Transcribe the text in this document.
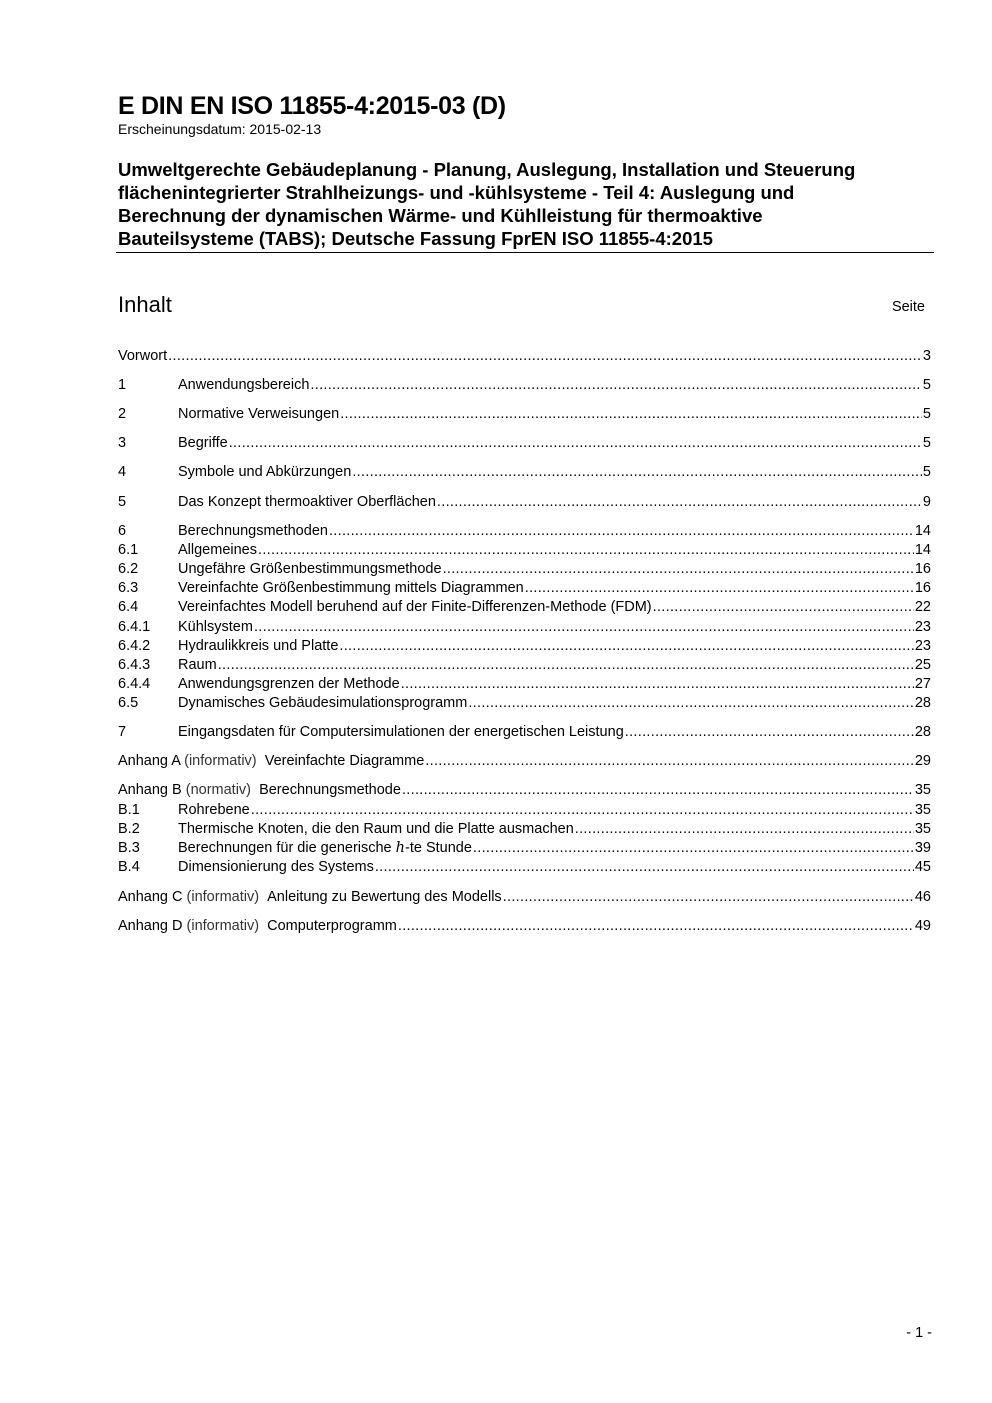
E DIN EN ISO 11855-4:2015-03 (D)
Erscheinungsdatum: 2015-02-13
Umweltgerechte Gebäudeplanung - Planung, Auslegung, Installation und Steuerung
flächenintegrierter Strahlheizungs- und -kühlsysteme - Teil 4: Auslegung und
Berechnung der dynamischen Wärme- und Kühlleistung für thermoaktive
Bauteilsysteme (TABS); Deutsche Fassung FprEN ISO 11855-4:2015
Inhalt	Seite
Vorwort .....	3
1	Anwendungsbereich .....	5
2	Normative Verweisungen .....	5
3	Begriffe .....	5
4	Symbole und Abkürzungen .....	5
5	Das Konzept thermoaktiver Oberflächen .....	9
6	Berechnungsmethoden .....	14
6.1	Allgemeines .....	14
6.2	Ungefähre Größenbestimmungsmethode .....	16
6.3	Vereinfachte Größenbestimmung mittels Diagrammen .....	16
6.4	Vereinfachtes Modell beruhend auf der Finite-Differenzen-Methode (FDM) .....	22
6.4.1	Kühlsystem .....	23
6.4.2	Hydraulikkreis und Platte .....	23
6.4.3	Raum .....	25
6.4.4	Anwendungsgrenzen der Methode .....	27
6.5	Dynamisches Gebäudesimulationsprogramm .....	28
7	Eingangsdaten für Computersimulationen der energetischen Leistung .....	28
Anhang A (informativ) Vereinfachte Diagramme .....	29
Anhang B (normativ) Berechnungsmethode .....	35
B.1	Rohrebene .....	35
B.2	Thermische Knoten, die den Raum und die Platte ausmachen .....	35
B.3	Berechnungen für die generische h-te Stunde .....	39
B.4	Dimensionierung des Systems .....	45
Anhang C (informativ) Anleitung zu Bewertung des Modells .....	46
Anhang D (informativ) Computerprogramm .....	49
- 1 -
